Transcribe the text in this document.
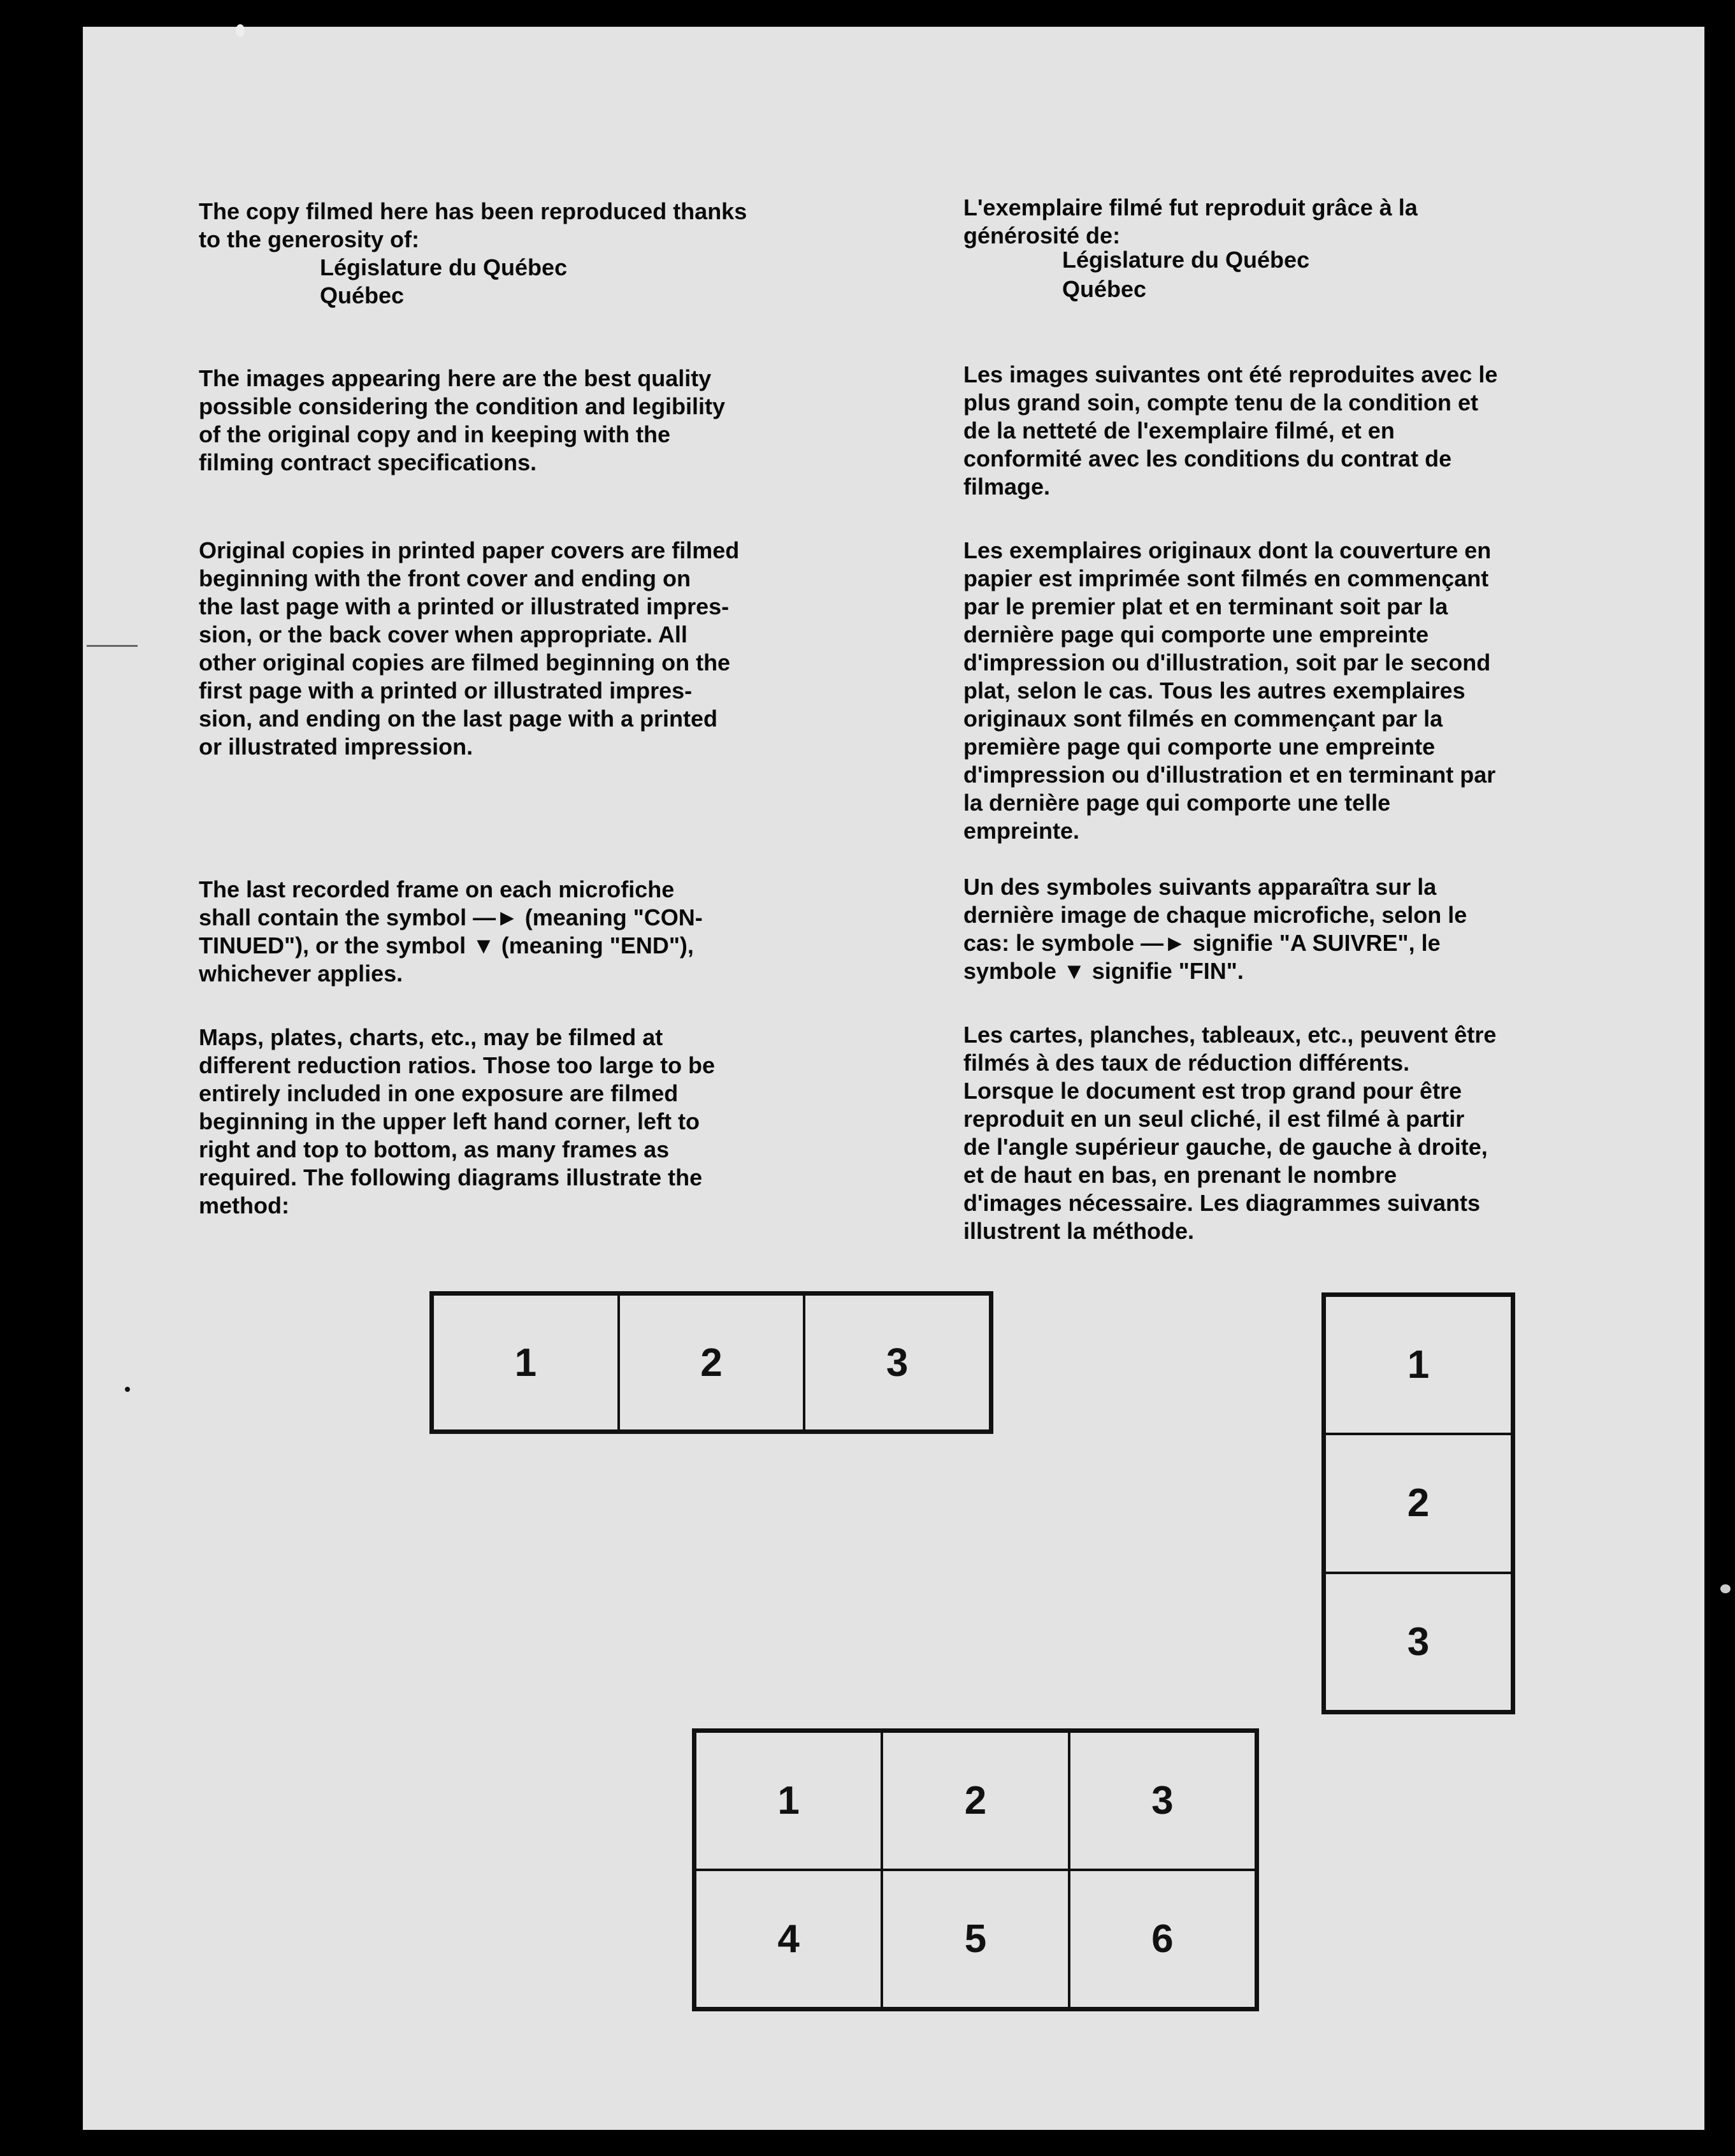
The copy filmed here has been reproduced thanks
to the generosity of:

Législature du Québec

Québec

The images appearing here are the best quality
possible considering the condition and legibility
of the original copy and in keeping with the
filming contract specifications.

Original copies in printed paper covers are filmed
beginning with the front cover and ending on
the last page with a printed or illustrated impres-
sion, or the back cover when appropriate. All
other original copies are filmed beginning on the
first page with a printed or illustrated impres-
sion, and ending on the last page with a printed
or illustrated impression.

The last recorded frame on each microfiche
shall contain the symbol —► (meaning "CON-
TINUED"), or the symbol ▼ (meaning "END"),
whichever applies.

Maps, plates, charts, etc., may be filmed at
different reduction ratios. Those too large to be
entirely included in one exposure are filmed
beginning in the upper left hand corner, left to
right and top to bottom, as many frames as
required. The following diagrams illustrate the
method:

L'exemplaire filmé fut reproduit grâce à la
générosité de:

Législature du Québec

Québec

Les images suivantes ont été reproduites avec le
plus grand soin, compte tenu de la condition et
de la netteté de l'exemplaire filmé, et en
conformité avec les conditions du contrat de
filmage.

Les exemplaires originaux dont la couverture en
papier est imprimée sont filmés en commençant
par le premier plat et en terminant soit par la
dernière page qui comporte une empreinte
d'impression ou d'illustration, soit par le second
plat, selon le cas. Tous les autres exemplaires
originaux sont filmés en commençant par la
première page qui comporte une empreinte
d'impression ou d'illustration et en terminant par
la dernière page qui comporte une telle
empreinte.

Un des symboles suivants apparaîtra sur la
dernière image de chaque microfiche, selon le
cas: le symbole —► signifie "A SUIVRE", le
symbole ▼ signifie "FIN".

Les cartes, planches, tableaux, etc., peuvent être
filmés à des taux de réduction différents.
Lorsque le document est trop grand pour être
reproduit en un seul cliché, il est filmé à partir
de l'angle supérieur gauche, de gauche à droite,
et de haut en bas, en prenant le nombre
d'images nécessaire. Les diagrammes suivants
illustrent la méthode.

1	2	3	1
2
3
1	2	3
4	5	6
